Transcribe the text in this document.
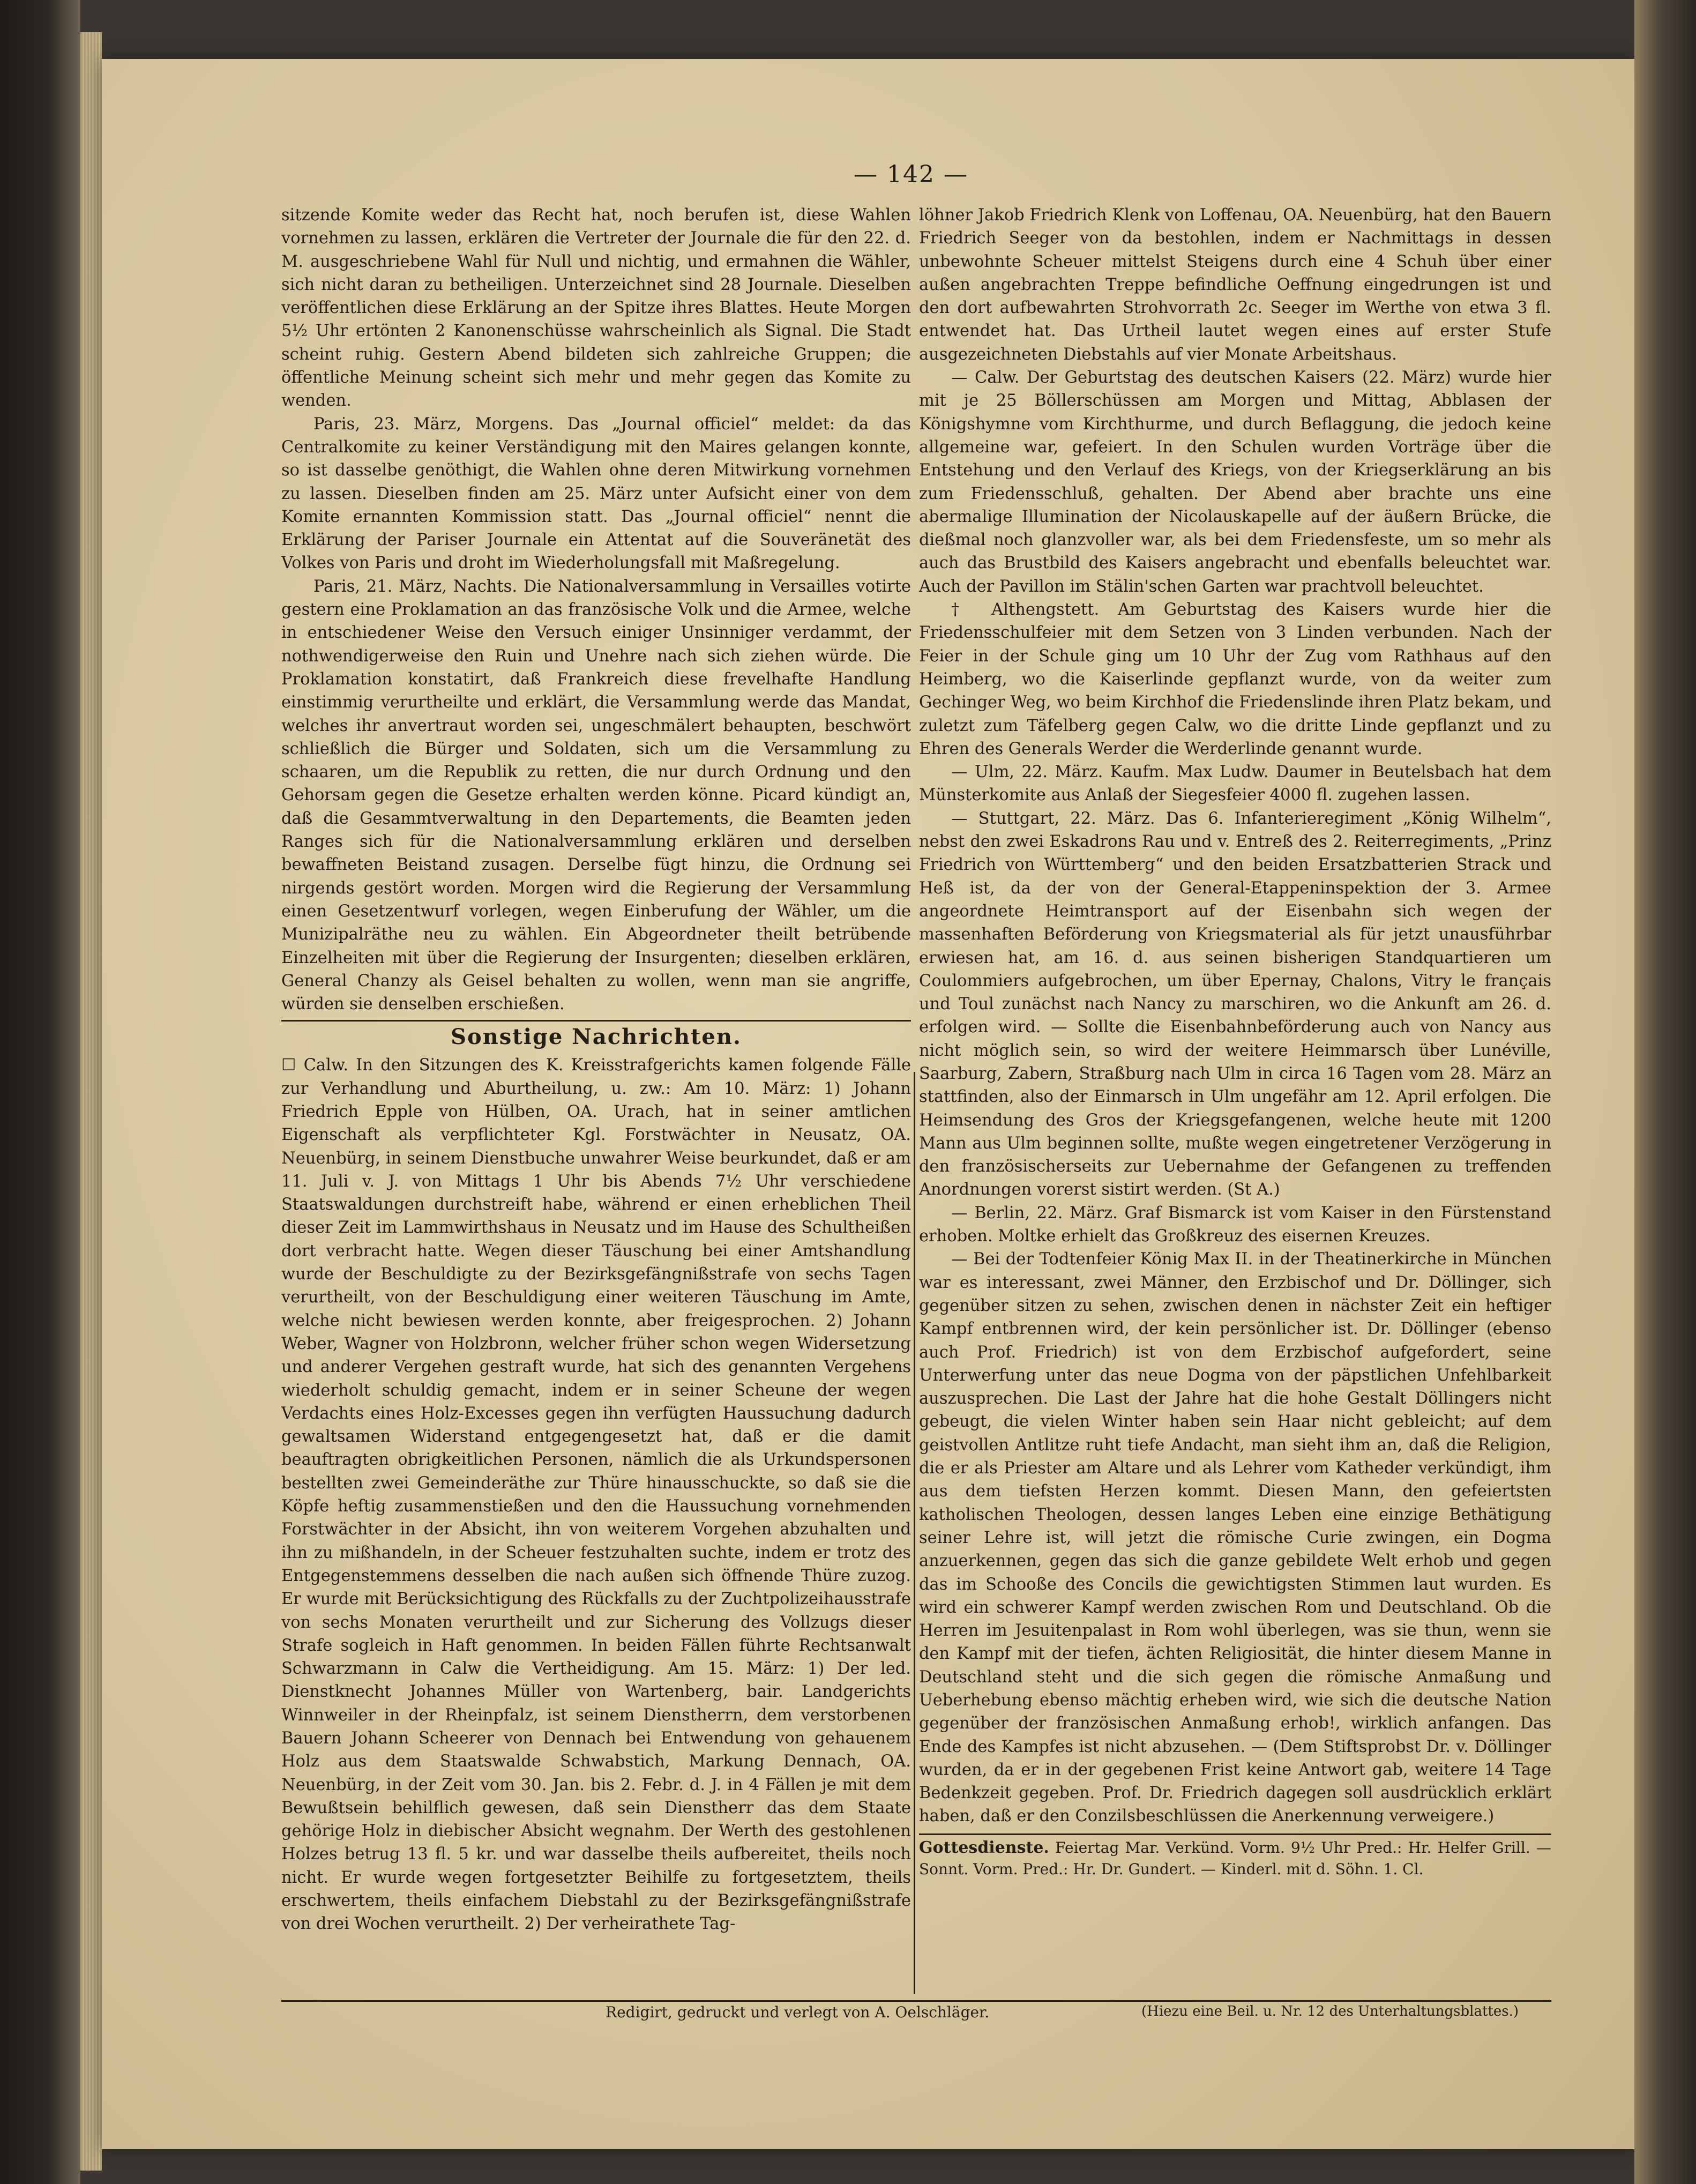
— 142 —

sitzende Komite weder das Recht hat, noch berufen ist, diese Wahlen vornehmen zu lassen, erklären die Vertreter der Journale die für den 22. d. M. ausgeschriebene Wahl für Null und nichtig, und ermahnen die Wähler, sich nicht daran zu betheiligen. Unterzeichnet sind 28 Journale. Dieselben veröffentlichen diese Erklärung an der Spitze ihres Blattes. Heute Morgen 5½ Uhr ertönten 2 Kanonenschüsse wahrscheinlich als Signal. Die Stadt scheint ruhig. Gestern Abend bildeten sich zahlreiche Gruppen; die öffentliche Meinung scheint sich mehr und mehr gegen das Komite zu wenden.

Paris, 23. März, Morgens. Das „Journal officiel“ meldet: da das Centralkomite zu keiner Verständigung mit den Maires gelangen konnte, so ist dasselbe genöthigt, die Wahlen ohne deren Mitwirkung vornehmen zu lassen. Dieselben finden am 25. März unter Aufsicht einer von dem Komite ernannten Kommission statt. Das „Journal officiel“ nennt die Erklärung der Pariser Journale ein Attentat auf die Souveränetät des Volkes von Paris und droht im Wiederholungsfall mit Maßregelung.

Paris, 21. März, Nachts. Die Nationalversammlung in Versailles votirte gestern eine Proklamation an das französische Volk und die Armee, welche in entschiedener Weise den Versuch einiger Unsinniger verdammt, der nothwendigerweise den Ruin und Unehre nach sich ziehen würde. Die Proklamation konstatirt, daß Frankreich diese frevelhafte Handlung einstimmig verurtheilte und erklärt, die Versammlung werde das Mandat, welches ihr anvertraut worden sei, ungeschmälert behaupten, beschwört schließlich die Bürger und Soldaten, sich um die Versammlung zu schaaren, um die Republik zu retten, die nur durch Ordnung und den Gehorsam gegen die Gesetze erhalten werden könne. Picard kündigt an, daß die Gesammtverwaltung in den Departements, die Beamten jeden Ranges sich für die Nationalversammlung erklären und derselben bewaffneten Beistand zusagen. Derselbe fügt hinzu, die Ordnung sei nirgends gestört worden. Morgen wird die Regierung der Versammlung einen Gesetzentwurf vorlegen, wegen Einberufung der Wähler, um die Munizipalräthe neu zu wählen. Ein Abgeordneter theilt betrübende Einzelheiten mit über die Regierung der Insurgenten; dieselben erklären, General Chanzy als Geisel behalten zu wollen, wenn man sie angriffe, würden sie denselben erschießen.

Sonstige Nachrichten.

☐ Calw. In den Sitzungen des K. Kreisstrafgerichts kamen folgende Fälle zur Verhandlung und Aburtheilung, u. zw.: Am 10. März: 1) Johann Friedrich Epple von Hülben, OA. Urach, hat in seiner amtlichen Eigenschaft als verpflichteter Kgl. Forstwächter in Neusatz, OA. Neuenbürg, in seinem Dienstbuche unwahrer Weise beurkundet, daß er am 11. Juli v. J. von Mittags 1 Uhr bis Abends 7½ Uhr verschiedene Staatswaldungen durchstreift habe, während er einen erheblichen Theil dieser Zeit im Lammwirthshaus in Neusatz und im Hause des Schultheißen dort verbracht hatte. Wegen dieser Täuschung bei einer Amtshandlung wurde der Beschuldigte zu der Bezirksgefängnißstrafe von sechs Tagen verurtheilt, von der Beschuldigung einer weiteren Täuschung im Amte, welche nicht bewiesen werden konnte, aber freigesprochen. 2) Johann Weber, Wagner von Holzbronn, welcher früher schon wegen Widersetzung und anderer Vergehen gestraft wurde, hat sich des genannten Vergehens wiederholt schuldig gemacht, indem er in seiner Scheune der wegen Verdachts eines Holz-Excesses gegen ihn verfügten Haussuchung dadurch gewaltsamen Widerstand entgegengesetzt hat, daß er die damit beauftragten obrigkeitlichen Personen, nämlich die als Urkundspersonen bestellten zwei Gemeinderäthe zur Thüre hinausschuckte, so daß sie die Köpfe heftig zusammenstießen und den die Haussuchung vornehmenden Forstwächter in der Absicht, ihn von weiterem Vorgehen abzuhalten und ihn zu mißhandeln, in der Scheuer festzuhalten suchte, indem er trotz des Entgegenstemmens desselben die nach außen sich öffnende Thüre zuzog. Er wurde mit Berücksichtigung des Rückfalls zu der Zuchtpolizeihausstrafe von sechs Monaten verurtheilt und zur Sicherung des Vollzugs dieser Strafe sogleich in Haft genommen. In beiden Fällen führte Rechtsanwalt Schwarzmann in Calw die Vertheidigung. Am 15. März: 1) Der led. Dienstknecht Johannes Müller von Wartenberg, bair. Landgerichts Winnweiler in der Rheinpfalz, ist seinem Dienstherrn, dem verstorbenen Bauern Johann Scheerer von Dennach bei Entwendung von gehauenem Holz aus dem Staatswalde Schwabstich, Markung Dennach, OA. Neuenbürg, in der Zeit vom 30. Jan. bis 2. Febr. d. J. in 4 Fällen je mit dem Bewußtsein behilflich gewesen, daß sein Dienstherr das dem Staate gehörige Holz in diebischer Absicht wegnahm. Der Werth des gestohlenen Holzes betrug 13 fl. 5 kr. und war dasselbe theils aufbereitet, theils noch nicht. Er wurde wegen fortgesetzter Beihilfe zu fortgesetztem, theils erschwertem, theils einfachem Diebstahl zu der Bezirksgefängnißstrafe von drei Wochen verurtheilt. 2) Der verheirathete Tag-

löhner Jakob Friedrich Klenk von Loffenau, OA. Neuenbürg, hat den Bauern Friedrich Seeger von da bestohlen, indem er Nachmittags in dessen unbewohnte Scheuer mittelst Steigens durch eine 4 Schuh über einer außen angebrachten Treppe befindliche Oeffnung eingedrungen ist und den dort aufbewahrten Strohvorrath 2c. Seeger im Werthe von etwa 3 fl. entwendet hat. Das Urtheil lautet wegen eines auf erster Stufe ausgezeichneten Diebstahls auf vier Monate Arbeitshaus.

— Calw. Der Geburtstag des deutschen Kaisers (22. März) wurde hier mit je 25 Böllerschüssen am Morgen und Mittag, Abblasen der Königshymne vom Kirchthurme, und durch Beflaggung, die jedoch keine allgemeine war, gefeiert. In den Schulen wurden Vorträge über die Entstehung und den Verlauf des Kriegs, von der Kriegserklärung an bis zum Friedensschluß, gehalten. Der Abend aber brachte uns eine abermalige Illumination der Nicolauskapelle auf der äußern Brücke, die dießmal noch glanzvoller war, als bei dem Friedensfeste, um so mehr als auch das Brustbild des Kaisers angebracht und ebenfalls beleuchtet war. Auch der Pavillon im Stälin'schen Garten war prachtvoll beleuchtet.

† Althengstett. Am Geburtstag des Kaisers wurde hier die Friedensschulfeier mit dem Setzen von 3 Linden verbunden. Nach der Feier in der Schule ging um 10 Uhr der Zug vom Rathhaus auf den Heimberg, wo die Kaiserlinde gepflanzt wurde, von da weiter zum Gechinger Weg, wo beim Kirchhof die Friedenslinde ihren Platz bekam, und zuletzt zum Täfelberg gegen Calw, wo die dritte Linde gepflanzt und zu Ehren des Generals Werder die Werderlinde genannt wurde.

— Ulm, 22. März. Kaufm. Max Ludw. Daumer in Beutelsbach hat dem Münsterkomite aus Anlaß der Siegesfeier 4000 fl. zugehen lassen.

— Stuttgart, 22. März. Das 6. Infanterieregiment „König Wilhelm“, nebst den zwei Eskadrons Rau und v. Entreß des 2. Reiterregiments, „Prinz Friedrich von Württemberg“ und den beiden Ersatzbatterien Strack und Heß ist, da der von der General-Etappeninspektion der 3. Armee angeordnete Heimtransport auf der Eisenbahn sich wegen der massenhaften Beförderung von Kriegsmaterial als für jetzt unausführbar erwiesen hat, am 16. d. aus seinen bisherigen Standquartieren um Coulommiers aufgebrochen, um über Epernay, Chalons, Vitry le français und Toul zunächst nach Nancy zu marschiren, wo die Ankunft am 26. d. erfolgen wird. — Sollte die Eisenbahnbeförderung auch von Nancy aus nicht möglich sein, so wird der weitere Heimmarsch über Lunéville, Saarburg, Zabern, Straßburg nach Ulm in circa 16 Tagen vom 28. März an stattfinden, also der Einmarsch in Ulm ungefähr am 12. April erfolgen. Die Heimsendung des Gros der Kriegsgefangenen, welche heute mit 1200 Mann aus Ulm beginnen sollte, mußte wegen eingetretener Verzögerung in den französischerseits zur Uebernahme der Gefangenen zu treffenden Anordnungen vorerst sistirt werden. (St A.)

— Berlin, 22. März. Graf Bismarck ist vom Kaiser in den Fürstenstand erhoben. Moltke erhielt das Großkreuz des eisernen Kreuzes.

— Bei der Todtenfeier König Max II. in der Theatinerkirche in München war es interessant, zwei Männer, den Erzbischof und Dr. Döllinger, sich gegenüber sitzen zu sehen, zwischen denen in nächster Zeit ein heftiger Kampf entbrennen wird, der kein persönlicher ist. Dr. Döllinger (ebenso auch Prof. Friedrich) ist von dem Erzbischof aufgefordert, seine Unterwerfung unter das neue Dogma von der päpstlichen Unfehlbarkeit auszusprechen. Die Last der Jahre hat die hohe Gestalt Döllingers nicht gebeugt, die vielen Winter haben sein Haar nicht gebleicht; auf dem geistvollen Antlitze ruht tiefe Andacht, man sieht ihm an, daß die Religion, die er als Priester am Altare und als Lehrer vom Katheder verkündigt, ihm aus dem tiefsten Herzen kommt. Diesen Mann, den gefeiertsten katholischen Theologen, dessen langes Leben eine einzige Bethätigung seiner Lehre ist, will jetzt die römische Curie zwingen, ein Dogma anzuerkennen, gegen das sich die ganze gebildete Welt erhob und gegen das im Schooße des Concils die gewichtigsten Stimmen laut wurden. Es wird ein schwerer Kampf werden zwischen Rom und Deutschland. Ob die Herren im Jesuitenpalast in Rom wohl überlegen, was sie thun, wenn sie den Kampf mit der tiefen, ächten Religiosität, die hinter diesem Manne in Deutschland steht und die sich gegen die römische Anmaßung und Ueberhebung ebenso mächtig erheben wird, wie sich die deutsche Nation gegenüber der französischen Anmaßung erhob!, wirklich anfangen. Das Ende des Kampfes ist nicht abzusehen. — (Dem Stiftsprobst Dr. v. Döllinger wurden, da er in der gegebenen Frist keine Antwort gab, weitere 14 Tage Bedenkzeit gegeben. Prof. Dr. Friedrich dagegen soll ausdrücklich erklärt haben, daß er den Conzilsbeschlüssen die Anerkennung verweigere.)

Gottesdienste. Feiertag Mar. Verkünd. Vorm. 9½ Uhr Pred.: Hr. Helfer Grill. — Sonnt. Vorm. Pred.: Hr. Dr. Gundert. — Kinderl. mit d. Söhn. 1. Cl.
Redigirt, gedruckt und verlegt von A. Oelschläger.	(Hiezu eine Beil. u. Nr. 12 des Unterhaltungsblattes.)
